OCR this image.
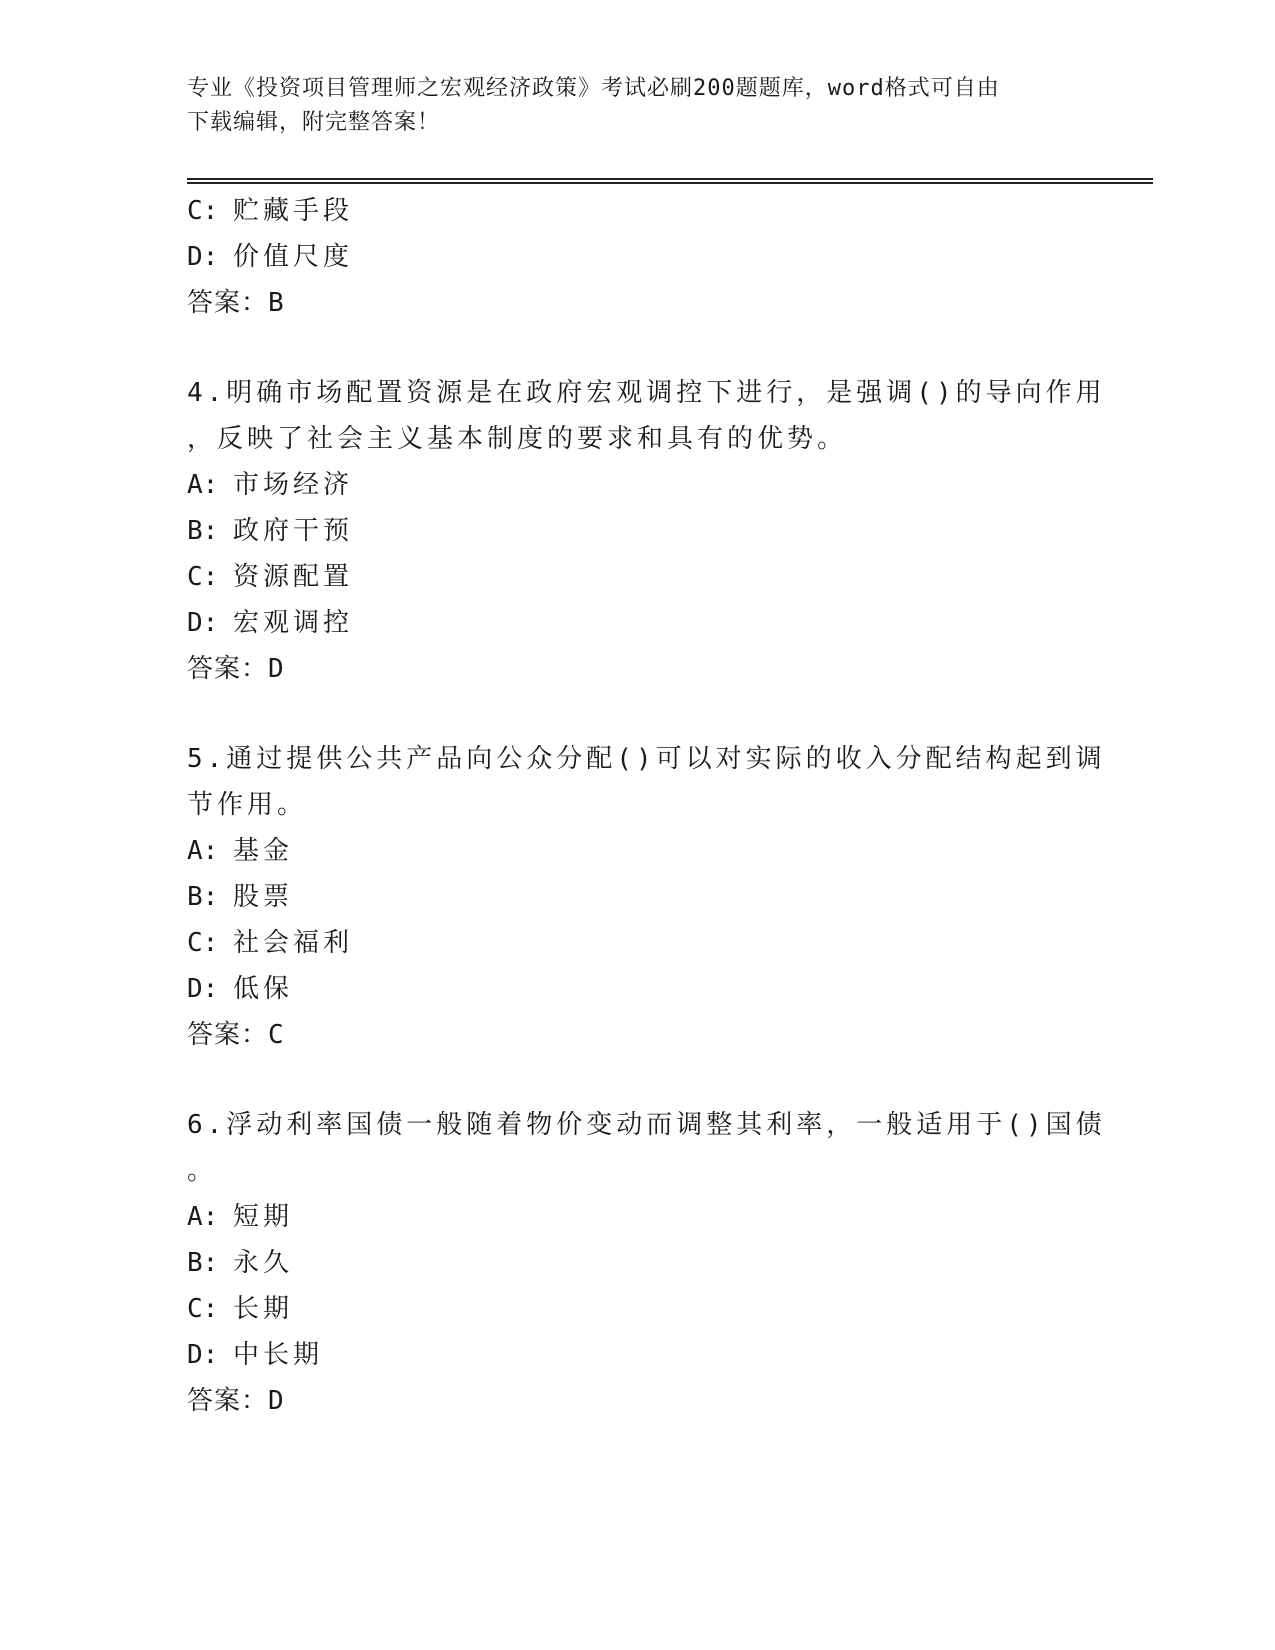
专业《投资项目管理师之宏观经济政策》考试必刷200题题库，word格式可自由
下载编辑，附完整答案！
C: 贮藏手段
D: 价值尺度
答案：B
4.明确市场配置资源是在政府宏观调控下进行，是强调()的导向作用
，反映了社会主义基本制度的要求和具有的优势。
A: 市场经济
B: 政府干预
C: 资源配置
D: 宏观调控
答案：D
5.通过提供公共产品向公众分配()可以对实际的收入分配结构起到调
节作用。
A: 基金
B: 股票
C: 社会福利
D: 低保
答案：C
6.浮动利率国债一般随着物价变动而调整其利率，一般适用于()国债
。
A: 短期
B: 永久
C: 长期
D: 中长期
答案：D
